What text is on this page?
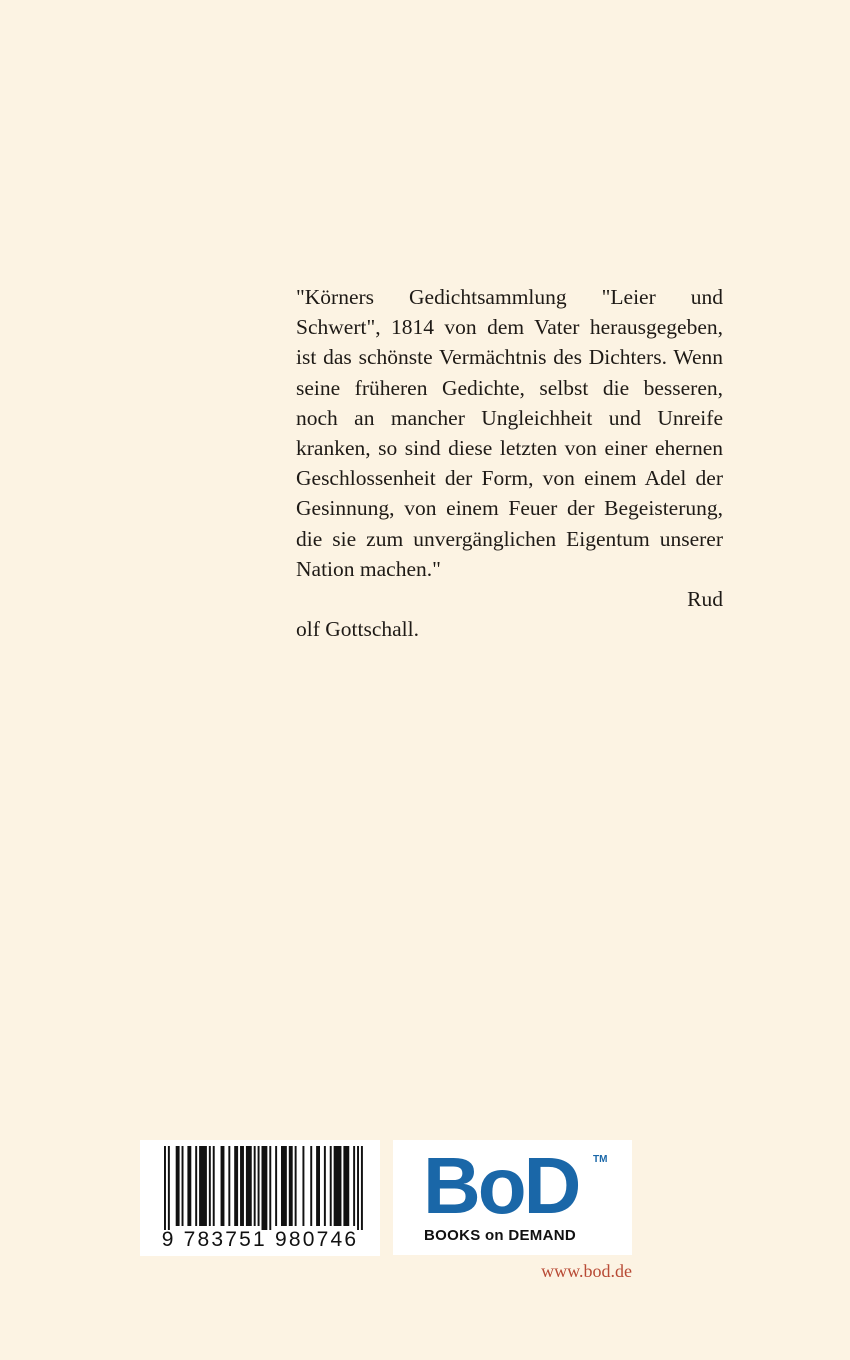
"Körners Gedichtsammlung "Leier und Schwert", 1814 von dem Vater herausgegeben, ist das schönste Vermächtnis des Dichters. Wenn seine früheren Gedichte, selbst die besseren, noch an mancher Ungleichheit und Unreife kranken, so sind diese letzten von einer ehernen Geschlossenheit der Form, von einem Adel der Gesinnung, von einem Feuer der Begeisterung, die sie zum unvergänglichen Eigentum unserer Nation machen."

Rud

olf Gottschall.

9 783751 980746
BoD TM
BOOKS on DEMAND
www.bod.de
